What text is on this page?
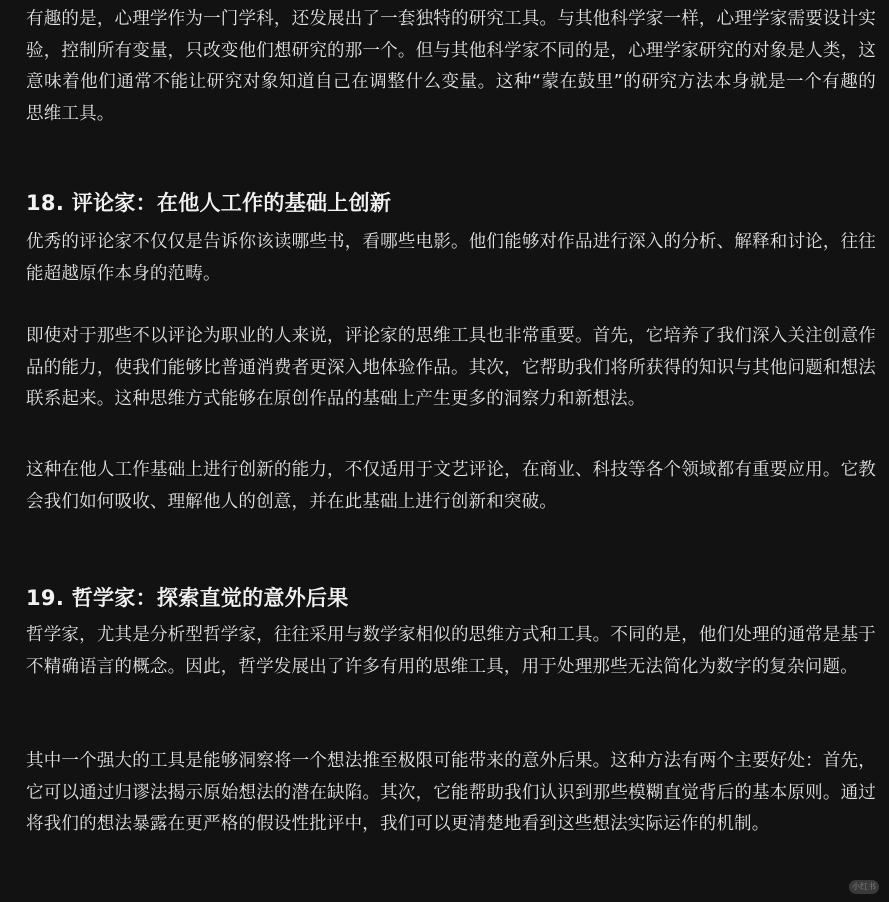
有趣的是，心理学作为一门学科，还发展出了一套独特的研究工具。与其他科学家一样，心理学家需要设计实验，控制所有变量，只改变他们想研究的那一个。但与其他科学家不同的是，心理学家研究的对象是人类，这意味着他们通常不能让研究对象知道自己在调整什么变量。这种“蒙在鼓里”的研究方法本身就是一个有趣的思维工具。

18. 评论家：在他人工作的基础上创新

优秀的评论家不仅仅是告诉你该读哪些书，看哪些电影。他们能够对作品进行深入的分析、解释和讨论，往往能超越原作本身的范畴。

即使对于那些不以评论为职业的人来说，评论家的思维工具也非常重要。首先，它培养了我们深入关注创意作品的能力，使我们能够比普通消费者更深入地体验作品。其次，它帮助我们将所获得的知识与其他问题和想法联系起来。这种思维方式能够在原创作品的基础上产生更多的洞察力和新想法。

这种在他人工作基础上进行创新的能力，不仅适用于文艺评论，在商业、科技等各个领域都有重要应用。它教会我们如何吸收、理解他人的创意，并在此基础上进行创新和突破。

19. 哲学家：探索直觉的意外后果

哲学家，尤其是分析型哲学家，往往采用与数学家相似的思维方式和工具。不同的是，他们处理的通常是基于不精确语言的概念。因此，哲学发展出了许多有用的思维工具，用于处理那些无法简化为数字的复杂问题。

其中一个强大的工具是能够洞察将一个想法推至极限可能带来的意外后果。这种方法有两个主要好处：首先，它可以通过归谬法揭示原始想法的潜在缺陷。其次，它能帮助我们认识到那些模糊直觉背后的基本原则。通过将我们的想法暴露在更严格的假设性批评中，我们可以更清楚地看到这些想法实际运作的机制。

小红书
